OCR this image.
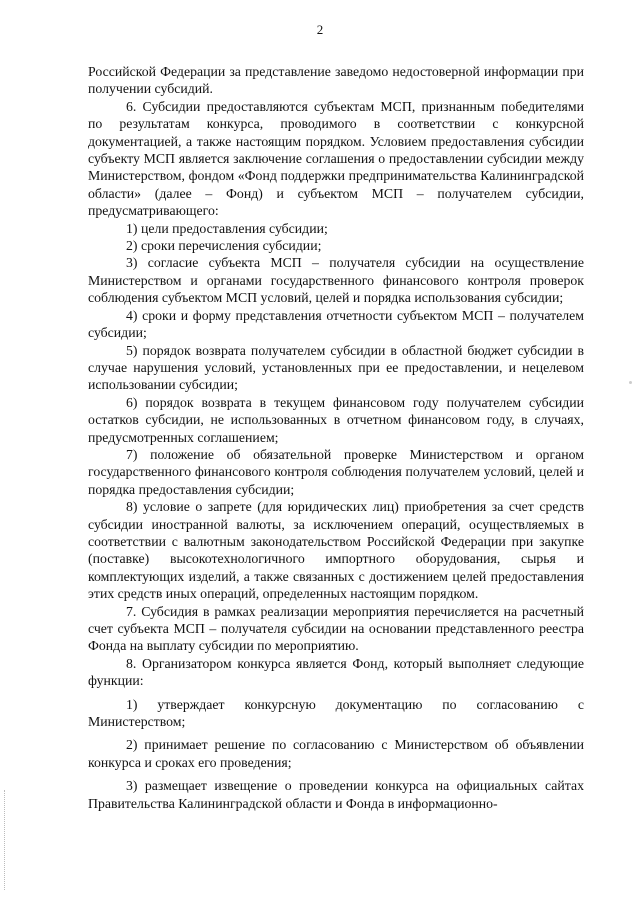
2

Российской Федерации за представление заведомо недостоверной информации при получении субсидий.

6. Субсидии предоставляются субъектам МСП, признанным победителями по результатам конкурса, проводимого в соответствии с конкурсной документацией, а также настоящим порядком. Условием предоставления субсидии субъекту МСП является заключение соглашения о предоставлении субсидии между Министерством, фондом «Фонд поддержки предпринимательства Калининградской области» (далее – Фонд) и субъектом МСП – получателем субсидии, предусматривающего:

1) цели предоставления субсидии;

2) сроки перечисления субсидии;

3) согласие субъекта МСП – получателя субсидии на осуществление Министерством и органами государственного финансового контроля проверок соблюдения субъектом МСП условий, целей и порядка использования субсидии;

4) сроки и форму представления отчетности субъектом МСП – получателем субсидии;

5) порядок возврата получателем субсидии в областной бюджет субсидии в случае нарушения условий, установленных при ее предоставлении, и нецелевом использовании субсидии;

6) порядок возврата в текущем финансовом году получателем субсидии остатков субсидии, не использованных в отчетном финансовом году, в случаях, предусмотренных соглашением;

7) положение об обязательной проверке Министерством и органом государственного финансового контроля соблюдения получателем условий, целей и порядка предоставления субсидии;

8) условие о запрете (для юридических лиц) приобретения за счет средств субсидии иностранной валюты, за исключением операций, осуществляемых в соответствии с валютным законодательством Российской Федерации при закупке (поставке) высокотехнологичного импортного оборудования, сырья и комплектующих изделий, а также связанных с достижением целей предоставления этих средств иных операций, определенных настоящим порядком.

7. Субсидия в рамках реализации мероприятия перечисляется на расчетный счет субъекта МСП – получателя субсидии на основании представленного реестра Фонда на выплату субсидии по мероприятию.

8. Организатором конкурса является Фонд, который выполняет следующие функции:

1) утверждает конкурсную документацию по согласованию с Министерством;

2) принимает решение по согласованию с Министерством об объявлении конкурса и сроках его проведения;

3) размещает извещение о проведении конкурса на официальных сайтах Правительства Калининградской области и Фонда в информационно-
